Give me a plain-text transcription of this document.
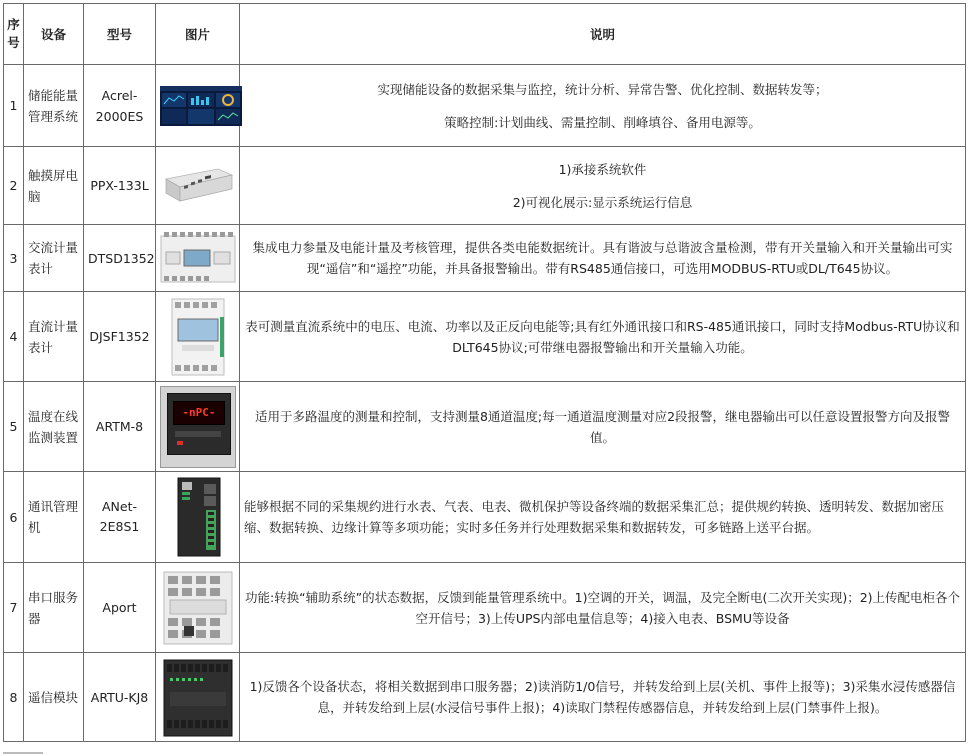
序号	设备	型号	图片	说明
1	储能能量管理系统	Acrel-2000ES		实现储能设备的数据采集与监控，统计分析、异常告警、优化控制、数据转发等；

策略控制:计划曲线、需量控制、削峰填谷、备用电源等。

2	触摸屏电脑	PPX-133L		1)承接系统软件

2)可视化展示:显示系统运行信息

3	交流计量表计	DTSD1352		集成电力参量及电能计量及考核管理，提供各类电能数据统计。具有谐波与总谐波含量检测，带有开关量输入和开关量输出可实现“遥信”和“遥控”功能，并具备报警输出。带有RS485通信接口，可选用MODBUS-RTU或DL/T645协议。
4	直流计量表计	DJSF1352		表可测量直流系统中的电压、电流、功率以及正反向电能等;具有红外通讯接口和RS-485通讯接口，同时支持Modbus-RTU协议和DLT645协议;可带继电器报警输出和开关量输入功能。
5	温度在线监测装置	ARTM-8	-nPC-	适用于多路温度的测量和控制，支持测量8通道温度;每一通道温度测量对应2段报警，继电器输出可以任意设置报警方向及报警值。
6	通讯管理机	ANet-2E8S1		能够根据不同的采集规约进行水表、气表、电表、微机保护等设备终端的数据采集汇总；提供规约转换、透明转发、数据加密压缩、数据转换、边缘计算等多项功能；实时多任务并行处理数据采集和数据转发，可多链路上送平台据。
7	串口服务器	Aport		功能:转换“辅助系统”的状态数据，反馈到能量管理系统中。1)空调的开关，调温，及完全断电(二次开关实现)；2)上传配电柜各个空开信号；3)上传UPS内部电量信息等；4)接入电表、BSMU等设备
8	遥信模块	ARTU-KJ8		1)反馈各个设备状态，将相关数据到串口服务器；2)读消防1/0信号，并转发给到上层(关机、事件上报等)；3)采集水浸传感器信息，并转发给到上层(水浸信号事件上报)；4)读取门禁程传感器信息，并转发给到上层(门禁事件上报)。
